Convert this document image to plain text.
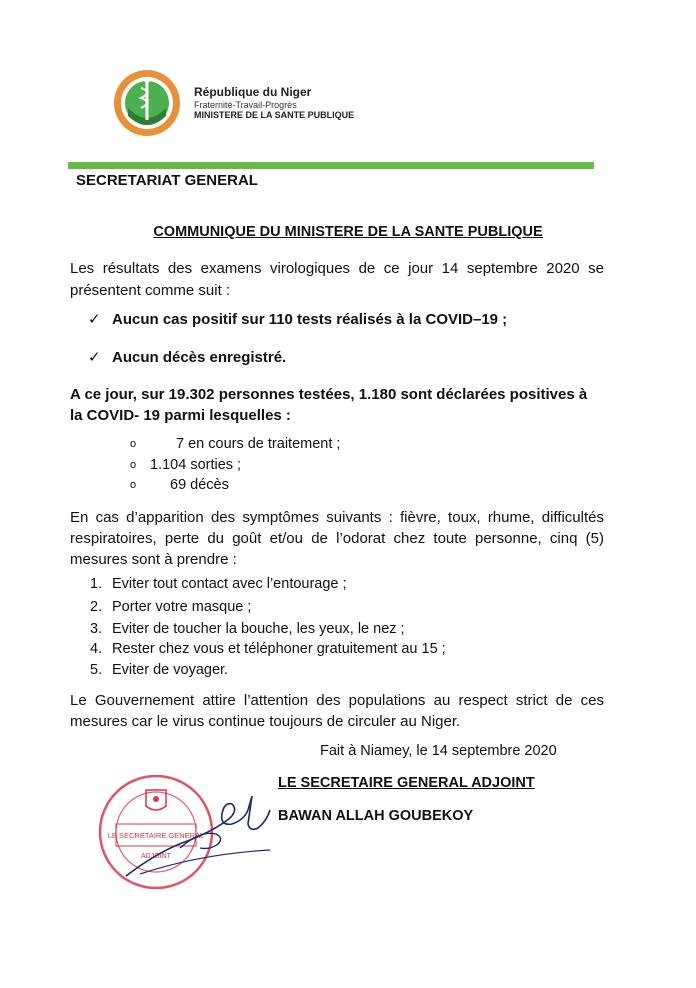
République du Niger
Fraternité-Travail-Progrès
MINISTERE DE LA SANTE PUBLIQUE
SECRETARIAT GENERAL
COMMUNIQUE DU MINISTERE DE LA SANTE PUBLIQUE
Les résultats des examens virologiques de ce jour 14 septembre 2020 se présentent comme suit :
✓ Aucun cas positif sur 110 tests réalisés à la COVID–19 ;
✓ Aucun décès enregistré.
A ce jour, sur 19.302 personnes testées, 1.180 sont déclarées positives à
la COVID- 19 parmi lesquelles :
o	7 en cours de traitement ;
o 1.104 sorties ;
o 69 décès
En cas d’apparition des symptômes suivants : fièvre, toux, rhume, difficultés respiratoires, perte du goût et/ou de l’odorat chez toute personne, cinq (5) mesures sont à prendre :
1. Eviter tout contact avec l’entourage ;
2. Porter votre masque ;
3. Eviter de toucher la bouche, les yeux, le nez ;
4. Rester chez vous et téléphoner gratuitement au 15 ;
5. Eviter de voyager.
Le Gouvernement attire l’attention des populations au respect strict de ces mesures car le virus continue toujours de circuler au Niger.
Fait à Niamey, le 14 septembre 2020
LE SECRETAIRE GENERAL
ADJOINT
LE SECRETAIRE GENERAL ADJOINT
BAWAN ALLAH GOUBEKOY
